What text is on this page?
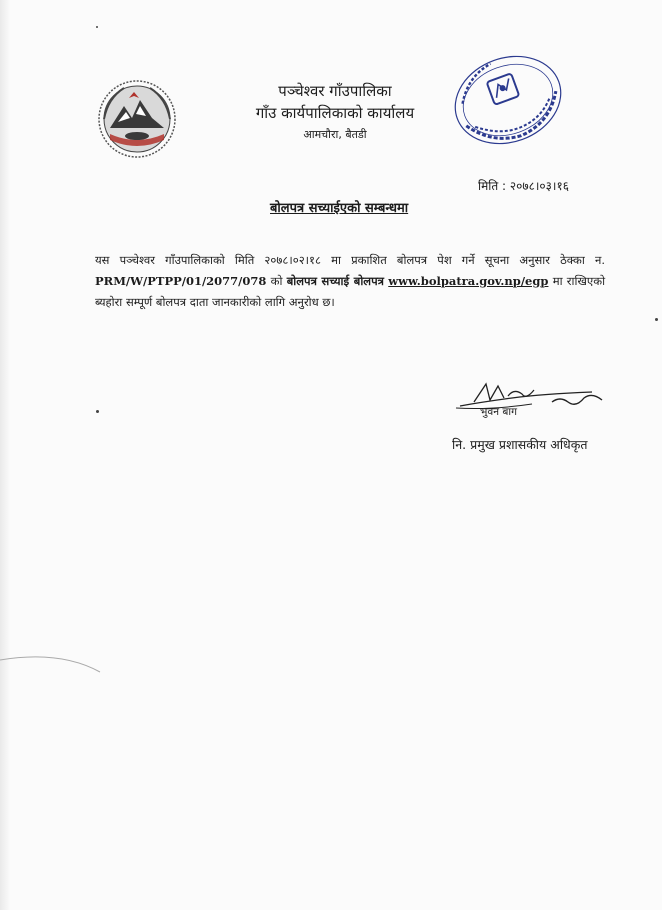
पञ्चेश्वर गाँउपालिका
गाँउ कार्यपालिकाको कार्यालय
आमचौरा, बैतडी
मिति : २०७८।०३।१६
बोलपत्र सच्याईएको सम्बन्धमा
यस पञ्चेश्वर गाँउपालिकाको मिति २०७८।०२।१८ मा प्रकाशित बोलपत्र पेश गर्ने सूचना अनुसार ठेक्का न. PRM/W/PTPP/01/2077/078 को बोलपत्र सच्याई बोलपत्र www.bolpatra.gov.np/egp मा राखिएको ब्यहोरा सम्पूर्ण बोलपत्र दाता जानकारीको लागि अनुरोध छ।
भुवन बाग
नि. प्रमुख प्रशासकीय अधिकृत
